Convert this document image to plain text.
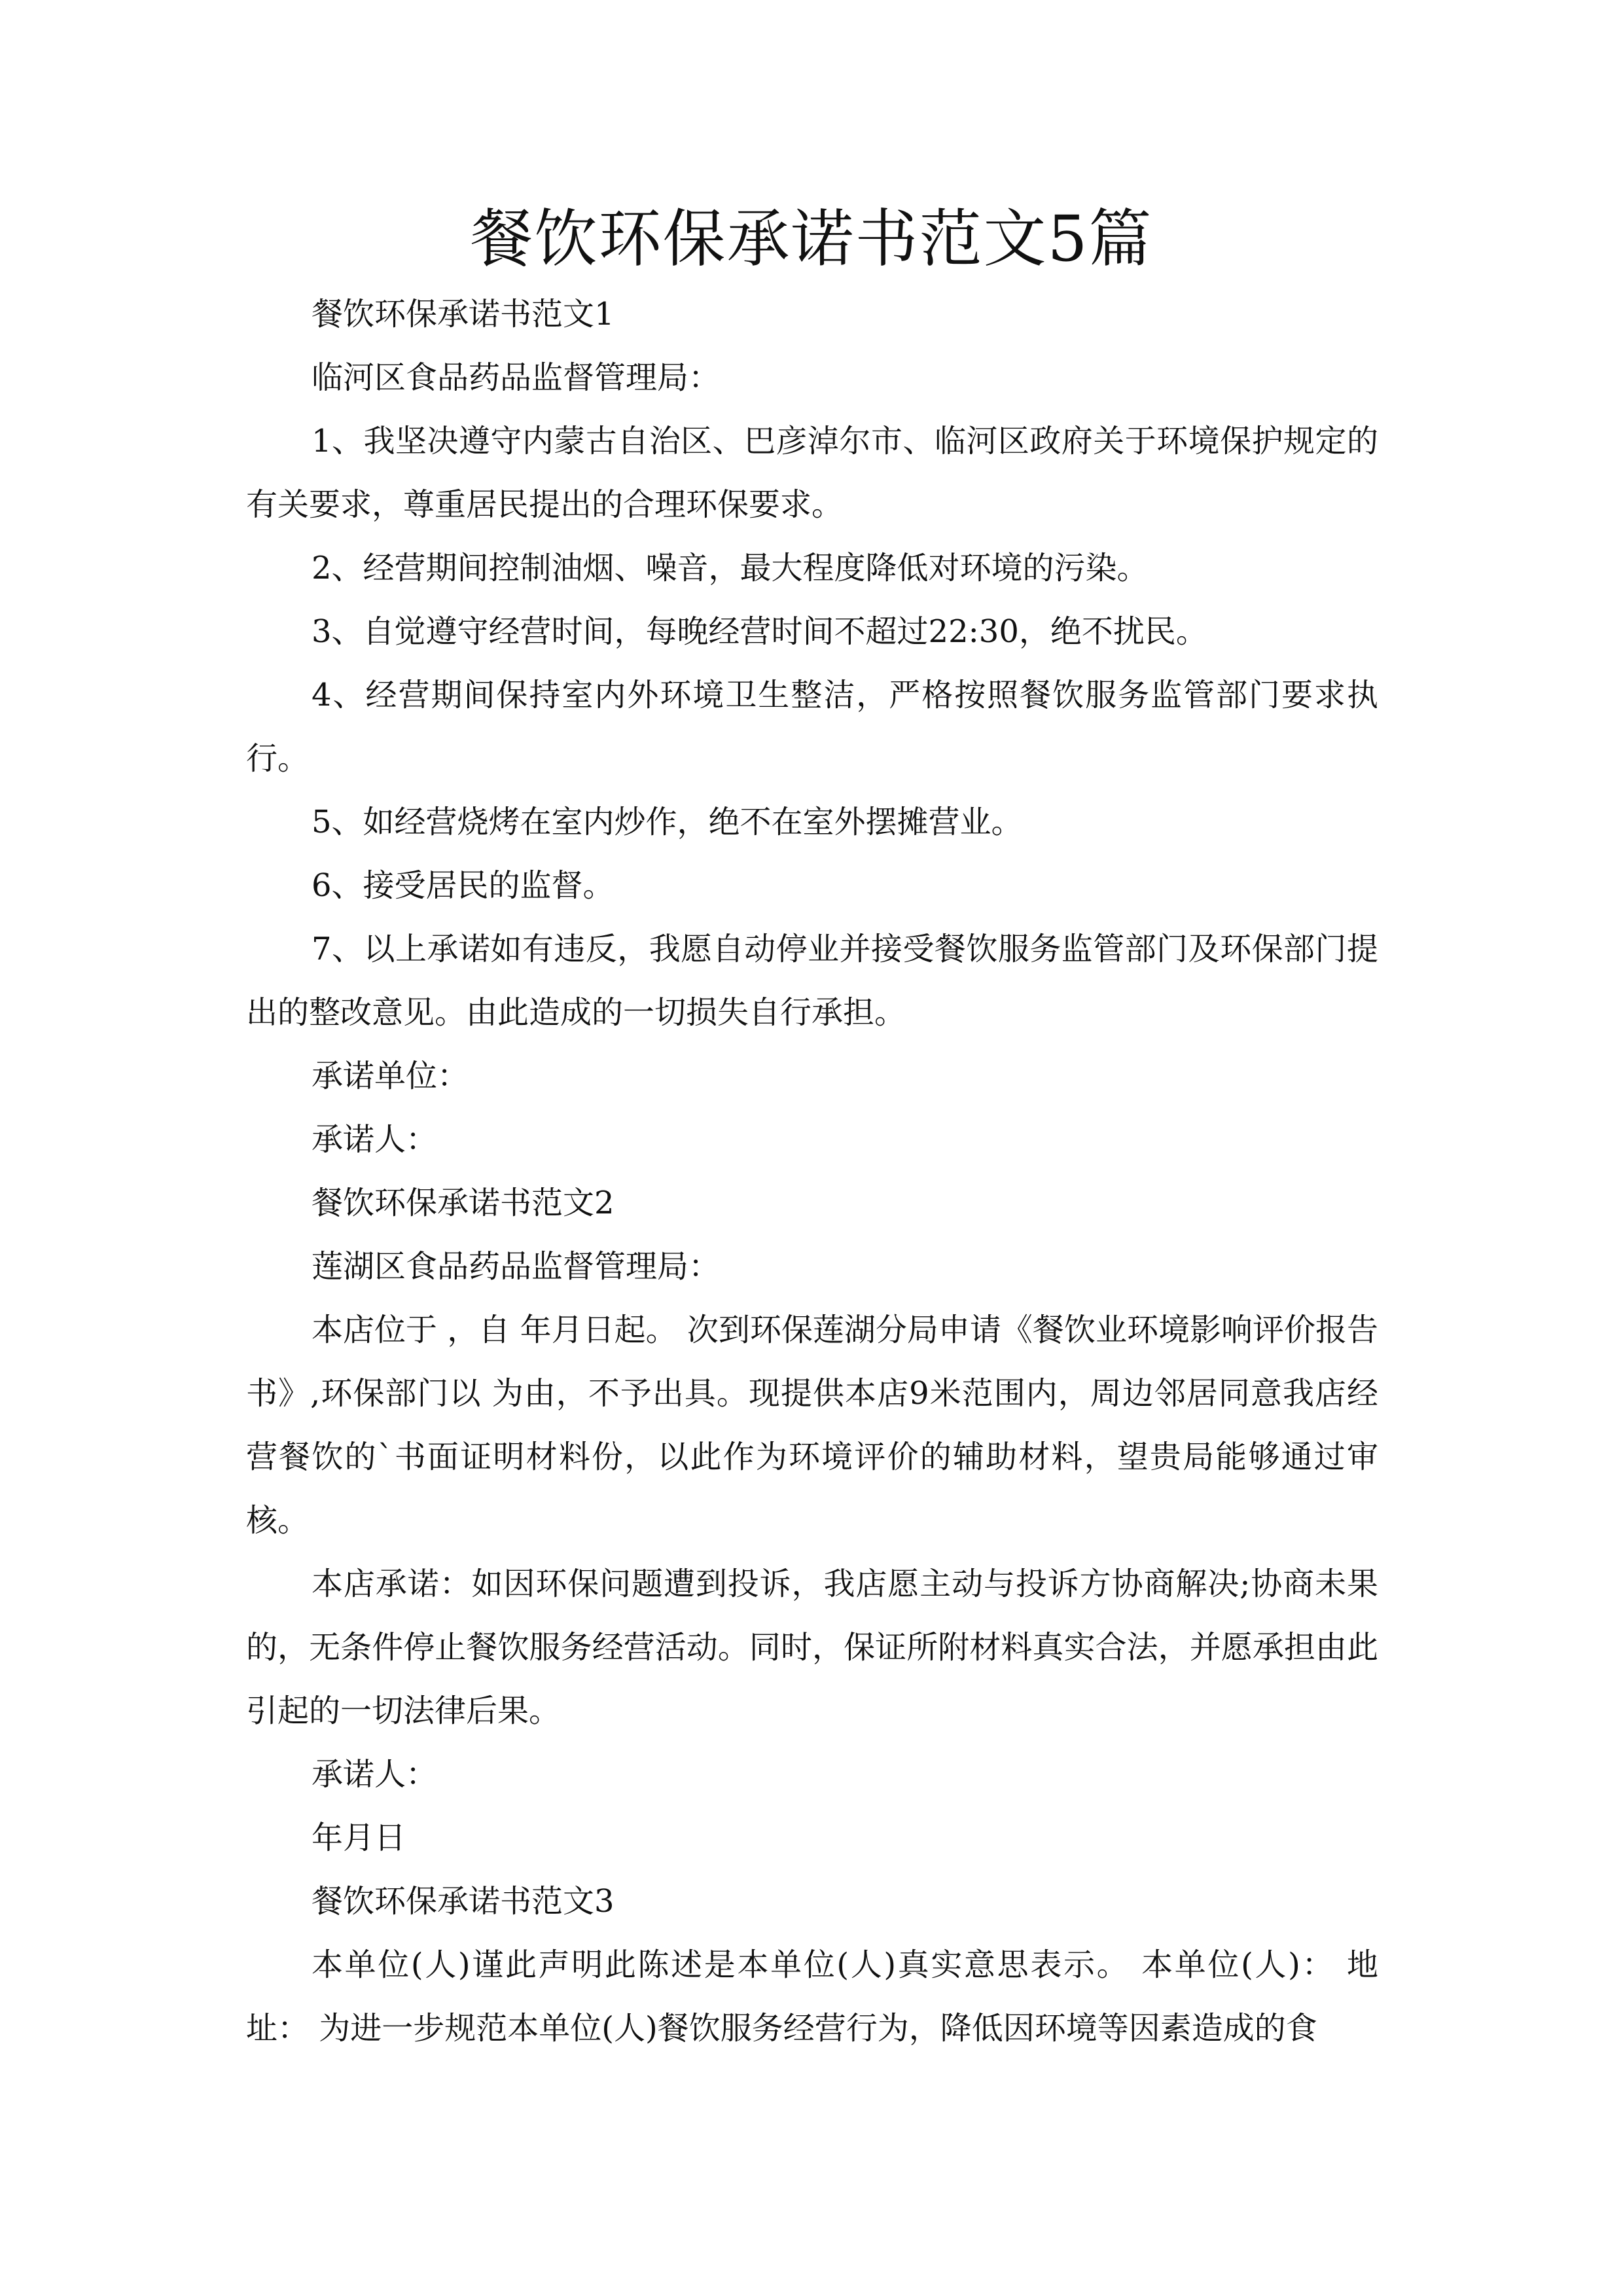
餐饮环保承诺书范文5篇

餐饮环保承诺书范文1

临河区食品药品监督管理局：

1、我坚决遵守内蒙古自治区、巴彦淖尔市、临河区政府关于环境保护规定的有关要求，尊重居民提出的合理环保要求。

2、经营期间控制油烟、噪音，最大程度降低对环境的污染。

3、自觉遵守经营时间，每晚经营时间不超过22:30，绝不扰民。

4、经营期间保持室内外环境卫生整洁，严格按照餐饮服务监管部门要求执行。

5、如经营烧烤在室内炒作，绝不在室外摆摊营业。

6、接受居民的监督。

7、以上承诺如有违反，我愿自动停业并接受餐饮服务监管部门及环保部门提出的整改意见。由此造成的一切损失自行承担。

承诺单位：

承诺人：

餐饮环保承诺书范文2

莲湖区食品药品监督管理局：

本店位于 ，自 年月日起。 次到环保莲湖分局申请《餐饮业环境影响评价报告书》,环保部门以 为由，不予出具。现提供本店9米范围内，周边邻居同意我店经营餐饮的`书面证明材料份，以此作为环境评价的辅助材料，望贵局能够通过审核。

本店承诺：如因环保问题遭到投诉，我店愿主动与投诉方协商解决;协商未果的，无条件停止餐饮服务经营活动。同时，保证所附材料真实合法，并愿承担由此引起的一切法律后果。

承诺人：

年月日

餐饮环保承诺书范文3

本单位(人)谨此声明此陈述是本单位(人)真实意思表示。 本单位(人)： 地址： 为进一步规范本单位(人)餐饮服务经营行为，降低因环境等因素造成的食
